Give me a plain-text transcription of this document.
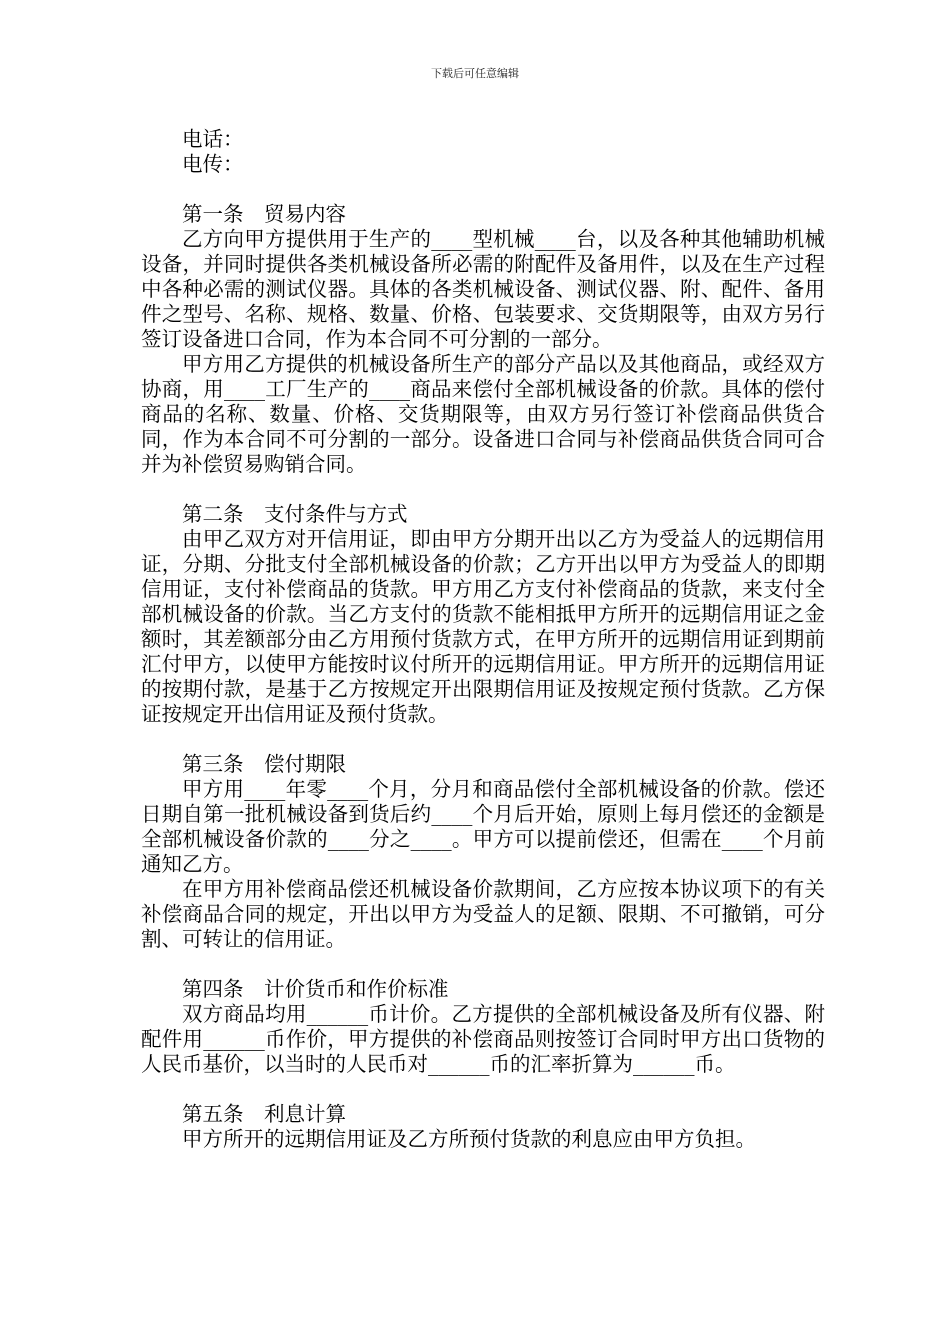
下载后可任意编辑

电话：

电传：

第一条　贸易内容

乙方向甲方提供用于生产的____型机械____台，以及各种其他辅助机械设备，并同时提供各类机械设备所必需的附配件及备用件，以及在生产过程中各种必需的测试仪器。具体的各类机械设备、测试仪器、附、配件、备用件之型号、名称、规格、数量、价格、包装要求、交货期限等，由双方另行签订设备进口合同，作为本合同不可分割的一部分。

甲方用乙方提供的机械设备所生产的部分产品以及其他商品，或经双方协商，用____工厂生产的____商品来偿付全部机械设备的价款。具体的偿付商品的名称、数量、价格、交货期限等，由双方另行签订补偿商品供货合同，作为本合同不可分割的一部分。设备进口合同与补偿商品供货合同可合并为补偿贸易购销合同。

第二条　支付条件与方式

由甲乙双方对开信用证，即由甲方分期开出以乙方为受益人的远期信用证，分期、分批支付全部机械设备的价款；乙方开出以甲方为受益人的即期信用证，支付补偿商品的货款。甲方用乙方支付补偿商品的货款，来支付全部机械设备的价款。当乙方支付的货款不能相抵甲方所开的远期信用证之金额时，其差额部分由乙方用预付货款方式，在甲方所开的远期信用证到期前汇付甲方，以使甲方能按时议付所开的远期信用证。甲方所开的远期信用证的按期付款，是基于乙方按规定开出限期信用证及按规定预付货款。乙方保证按规定开出信用证及预付货款。

第三条　偿付期限

甲方用____年零____个月，分月和商品偿付全部机械设备的价款。偿还日期自第一批机械设备到货后约____个月后开始，原则上每月偿还的金额是全部机械设备价款的____分之____。甲方可以提前偿还，但需在____个月前通知乙方。

在甲方用补偿商品偿还机械设备价款期间，乙方应按本协议项下的有关补偿商品合同的规定，开出以甲方为受益人的足额、限期、不可撤销，可分割、可转让的信用证。

第四条　计价货币和作价标准

双方商品均用______币计价。乙方提供的全部机械设备及所有仪器、附配件用______币作价，甲方提供的补偿商品则按签订合同时甲方出口货物的人民币基价，以当时的人民币对______币的汇率折算为______币。

第五条　利息计算

甲方所开的远期信用证及乙方所预付货款的利息应由甲方负担。
